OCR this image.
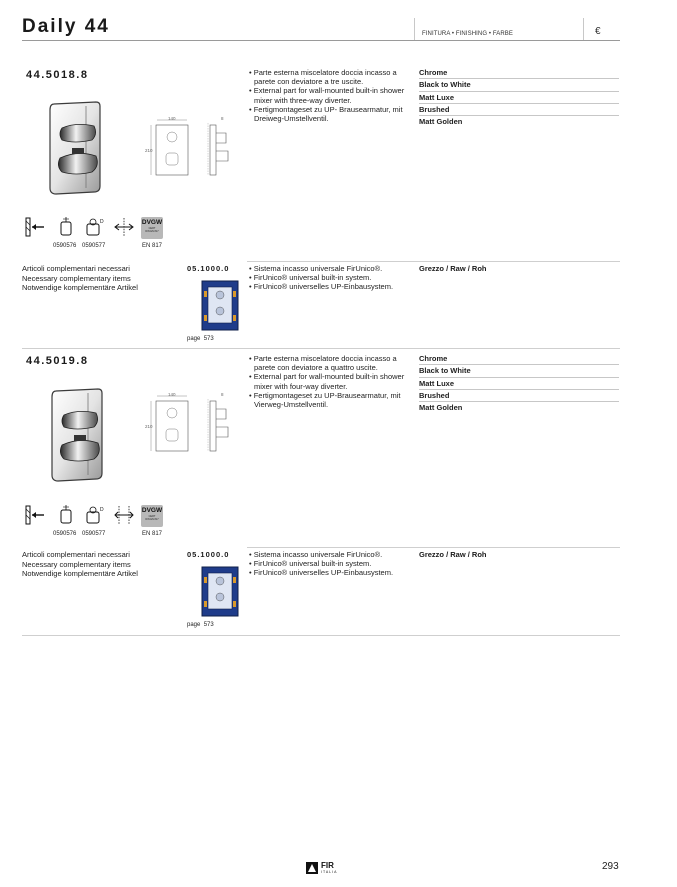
Daily 44	FINITURA • FINISHING • FARBE	€
44.5018.8
140
210
8
• Parte esterna miscelatore doccia incasso a parete con deviatore a tre uscite.
• External part for wall-mounted built-in shower mixer with three-way diverter.
• Fertigmontageset zu UP- Brausearmatur, mit Dreiweg-Umstellventil.
Chrome
Black to White
Matt Luxe
Brushed
Matt Golden
D	DVGW
CERT
DIN EN 817
0590576 0590577	EN 817
Articoli complementari necessari
Necessary complementary items
Notwendige komplementäre Artikel
05.1000.0
page 573
• Sistema incasso universale FirUnico®.
• FirUnico® universal built-in system.
• FirUnico® universelles UP-Einbausystem.
Grezzo / Raw / Roh
44.5019.8
140
210
8
• Parte esterna miscelatore doccia incasso a parete con deviatore a quattro uscite.
• External part for wall-mounted built-in shower mixer with four-way diverter.
• Fertigmontageset zu UP-Brausearmatur, mit Vierweg-Umstellventil.
Chrome
Black to White
Matt Luxe
Brushed
Matt Golden
D	DVGW
CERT
DIN EN 817
0590576 0590577	EN 817
Articoli complementari necessari
Necessary complementary items
Notwendige komplementäre Artikel
05.1000.0
page 573
• Sistema incasso universale FirUnico®.
• FirUnico® universal built-in system.
• FirUnico® universelles UP-Einbausystem.
Grezzo / Raw / Roh
FIR
ITALIA	293
